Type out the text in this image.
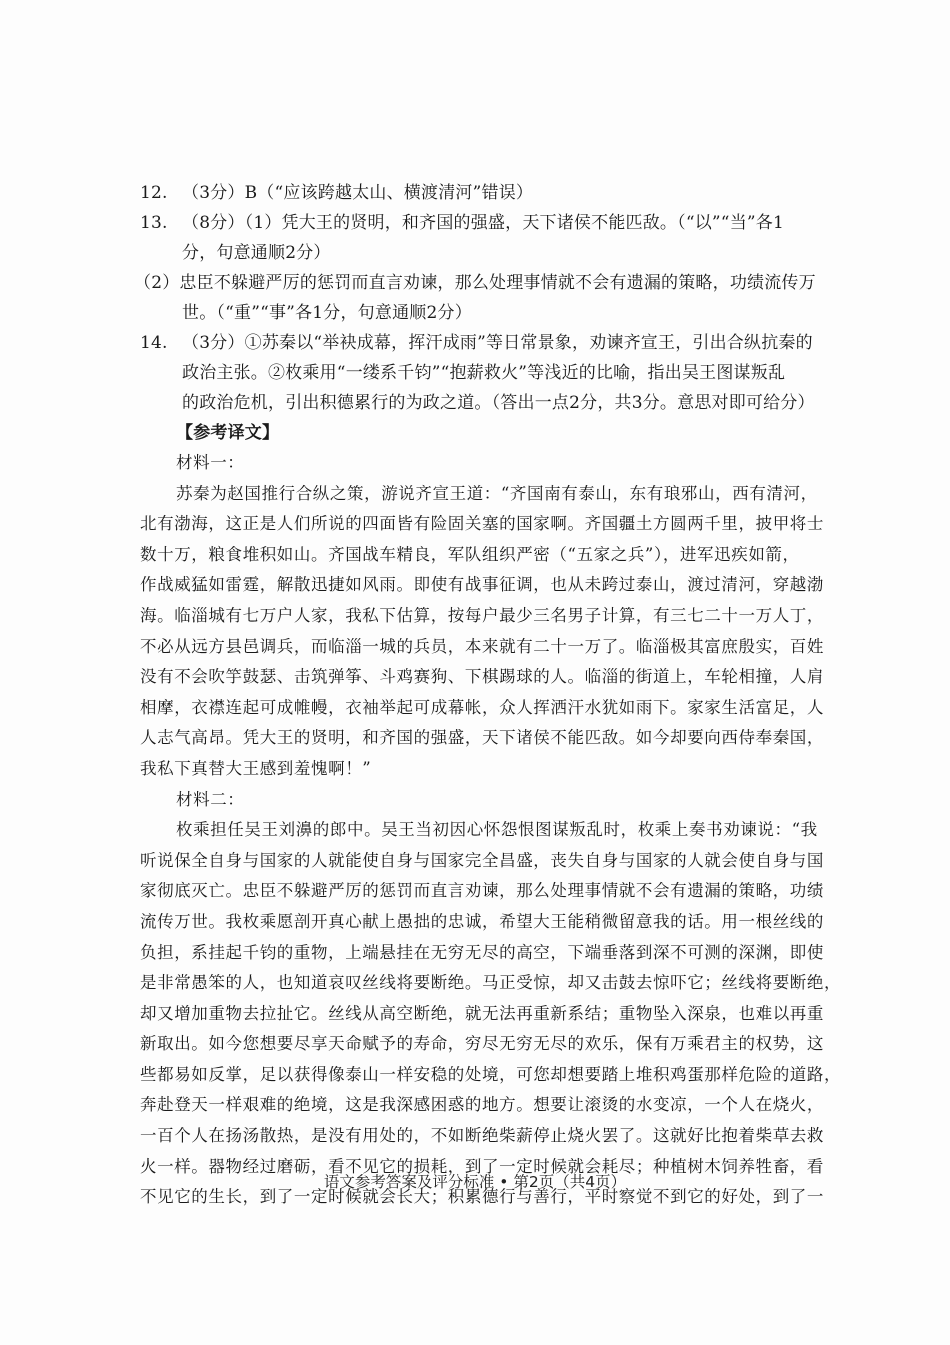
12. （3分）B（“应该跨越太山、横渡清河”错误）
13. （8分）（1）凭大王的贤明，和齐国的强盛，天下诸侯不能匹敌。（“以”“当”各1
分，句意通顺2分）
（2）忠臣不躲避严厉的惩罚而直言劝谏，那么处理事情就不会有遗漏的策略，功绩流传万
世。（“重”“事”各1分，句意通顺2分）
14. （3分）①苏秦以“举袂成幕，挥汗成雨”等日常景象，劝谏齐宣王，引出合纵抗秦的
政治主张。②枚乘用“一缕系千钧”“抱薪救火”等浅近的比喻，指出吴王图谋叛乱
的政治危机，引出积德累行的为政之道。（答出一点2分，共3分。意思对即可给分）
【参考译文】
材料一：
苏秦为赵国推行合纵之策，游说齐宣王道：“齐国南有泰山，东有琅邪山，西有清河，
北有渤海，这正是人们所说的四面皆有险固关塞的国家啊。齐国疆土方圆两千里，披甲将士
数十万，粮食堆积如山。齐国战车精良，军队组织严密（“五家之兵”），进军迅疾如箭，
作战威猛如雷霆，解散迅捷如风雨。即使有战事征调，也从未跨过泰山，渡过清河，穿越渤
海。临淄城有七万户人家，我私下估算，按每户最少三名男子计算，有三七二十一万人丁，
不必从远方县邑调兵，而临淄一城的兵员，本来就有二十一万了。临淄极其富庶殷实，百姓
没有不会吹竽鼓瑟、击筑弹筝、斗鸡赛狗、下棋踢球的人。临淄的街道上，车轮相撞，人肩
相摩，衣襟连起可成帷幔，衣袖举起可成幕帐，众人挥洒汗水犹如雨下。家家生活富足，人
人志气高昂。凭大王的贤明，和齐国的强盛，天下诸侯不能匹敌。如今却要向西侍奉秦国，
我私下真替大王感到羞愧啊！”
材料二：
枚乘担任吴王刘濞的郎中。吴王当初因心怀怨恨图谋叛乱时，枚乘上奏书劝谏说：“我
听说保全自身与国家的人就能使自身与国家完全昌盛，丧失自身与国家的人就会使自身与国
家彻底灭亡。忠臣不躲避严厉的惩罚而直言劝谏，那么处理事情就不会有遗漏的策略，功绩
流传万世。我枚乘愿剖开真心献上愚拙的忠诚，希望大王能稍微留意我的话。用一根丝线的
负担，系挂起千钧的重物，上端悬挂在无穷无尽的高空，下端垂落到深不可测的深渊，即使
是非常愚笨的人，也知道哀叹丝线将要断绝。马正受惊，却又击鼓去惊吓它；丝线将要断绝，
却又增加重物去拉扯它。丝线从高空断绝，就无法再重新系结；重物坠入深泉，也难以再重
新取出。如今您想要尽享天命赋予的寿命，穷尽无穷无尽的欢乐，保有万乘君主的权势，这
些都易如反掌，足以获得像泰山一样安稳的处境，可您却想要踏上堆积鸡蛋那样危险的道路，
奔赴登天一样艰难的绝境，这是我深感困惑的地方。想要让滚烫的水变凉，一个人在烧火，
一百个人在扬汤散热，是没有用处的，不如断绝柴薪停止烧火罢了。这就好比抱着柴草去救
火一样。器物经过磨砺，看不见它的损耗，到了一定时候就会耗尽；种植树木饲养牲畜，看
不见它的生长，到了一定时候就会长大；积累德行与善行，平时察觉不到它的好处，到了一
语文参考答案及评分标准 • 第2页（共4页）
